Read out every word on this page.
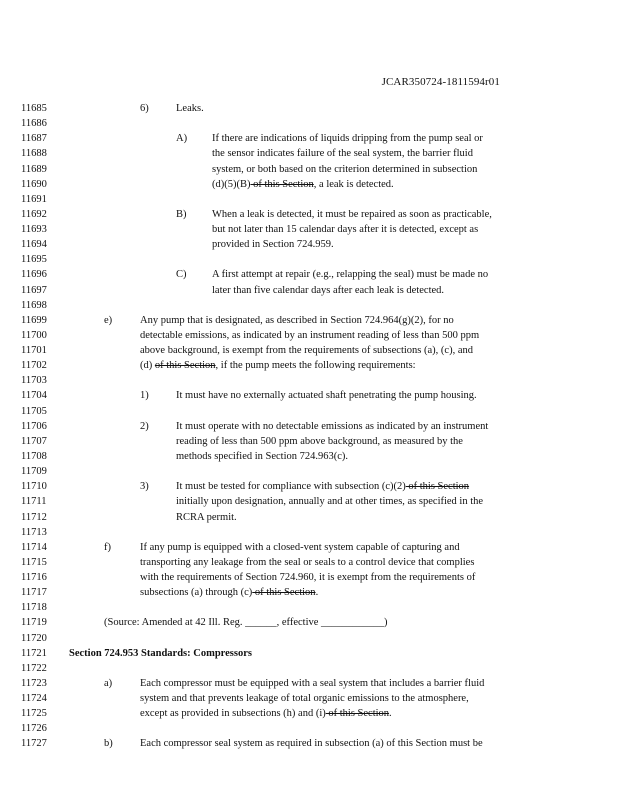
JCAR350724-1811594r01
11685	6)	Leaks.
11686
11687	A) If there are indications of liquids dripping from the pump seal or
11688	the sensor indicates failure of the seal system, the barrier fluid
11689	system, or both based on the criterion determined in subsection
11690	(d)(5)(B) of this Section, a leak is detected.
11691
11692	B) When a leak is detected, it must be repaired as soon as practicable,
11693	but not later than 15 calendar days after it is detected, except as
11694	provided in Section 724.959.
11695
11696	C) A first attempt at repair (e.g., relapping the seal) must be made no
11697	later than five calendar days after each leak is detected.
11698
11699	e)	Any pump that is designated, as described in Section 724.964(g)(2), for no
11700	detectable emissions, as indicated by an instrument reading of less than 500 ppm
11701	above background, is exempt from the requirements of subsections (a), (c), and
11702	(d) of this Section, if the pump meets the following requirements:
11703
11704	1)	It must have no externally actuated shaft penetrating the pump housing.
11705
11706	2)	It must operate with no detectable emissions as indicated by an instrument
11707	reading of less than 500 ppm above background, as measured by the
11708	methods specified in Section 724.963(c).
11709
11710	3)	It must be tested for compliance with subsection (c)(2) of this Section
11711	initially upon designation, annually and at other times, as specified in the
11712	RCRA permit.
11713
11714	f)	If any pump is equipped with a closed-vent system capable of capturing and
11715	transporting any leakage from the seal or seals to a control device that complies
11716	with the requirements of Section 724.960, it is exempt from the requirements of
11717	subsections (a) through (c) of this Section.
11718
11719	(Source: Amended at 42 Ill. Reg. ______, effective ____________)
11720
11721 Section 724.953 Standards: Compressors
11722
11723	a)	Each compressor must be equipped with a seal system that includes a barrier fluid
11724	system and that prevents leakage of total organic emissions to the atmosphere,
11725	except as provided in subsections (h) and (i) of this Section.
11726
11727	b)	Each compressor seal system as required in subsection (a) of this Section must be
